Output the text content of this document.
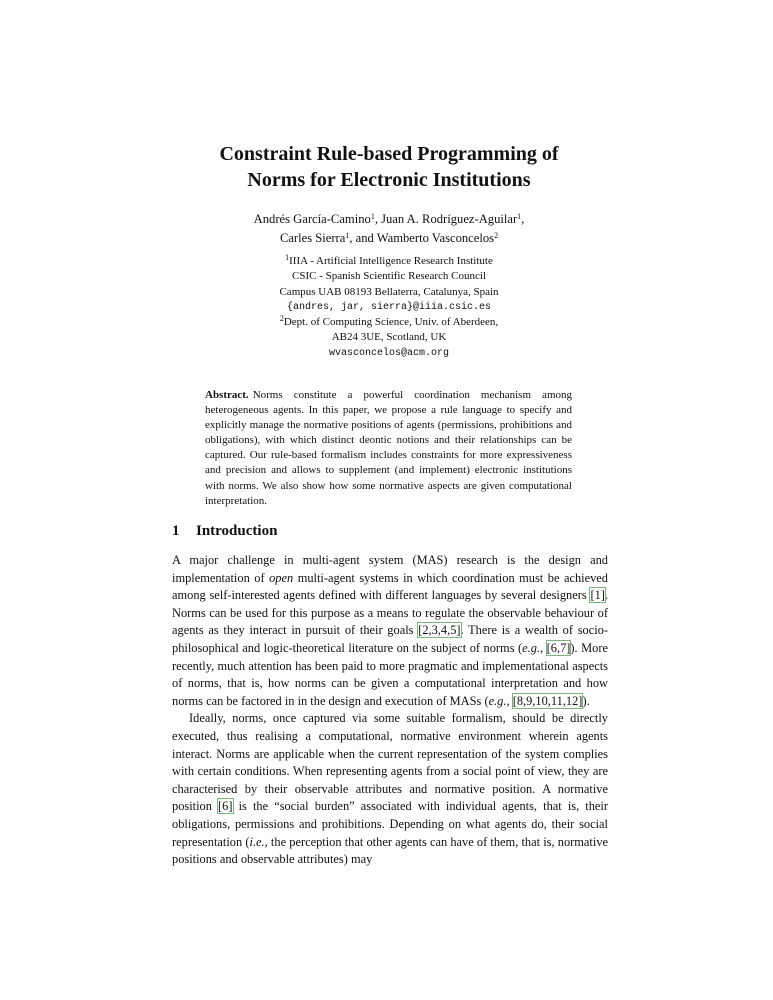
Constraint Rule-based Programming of
Norms for Electronic Institutions
Andrés García-Camino$^1$, Juan A. Rodríguez-Aguilar$^1$,
Carles Sierra$^1$, and Wamberto Vasconcelos$^2$
$^1$IIIA - Artificial Intelligence Research Institute
CSIC - Spanish Scientific Research Council
Campus UAB 08193 Bellaterra, Catalunya, Spain
{andres, jar, sierra}@iiia.csic.es
$^2$Dept. of Computing Science, Univ. of Aberdeen,
AB24 3UE, Scotland, UK
wvasconcelos@acm.org
Abstract. Norms constitute a powerful coordination mechanism among heterogeneous agents. In this paper, we propose a rule language to specify and explicitly manage the normative positions of agents (permissions, prohibitions and obligations), with which distinct deontic notions and their relationships can be captured. Our rule-based formalism includes constraints for more expressiveness and precision and allows to supplement (and implement) electronic institutions with norms. We also show how some normative aspects are given computational interpretation.
1 Introduction

A major challenge in multi-agent system (MAS) research is the design and implementation of open multi-agent systems in which coordination must be achieved among self-interested agents defined with different languages by several designers [1]. Norms can be used for this purpose as a means to regulate the observable behaviour of agents as they interact in pursuit of their goals [2,3,4,5]. There is a wealth of socio-philosophical and logic-theoretical literature on the subject of norms (e.g., [6,7]). More recently, much attention has been paid to more pragmatic and implementational aspects of norms, that is, how norms can be given a computational interpretation and how norms can be factored in in the design and execution of MASs (e.g., [8,9,10,11,12]).

Ideally, norms, once captured via some suitable formalism, should be directly executed, thus realising a computational, normative environment wherein agents interact. Norms are applicable when the current representation of the system complies with certain conditions. When representing agents from a social point of view, they are characterised by their observable attributes and normative position. A normative position [6] is the “social burden” associated with individual agents, that is, their obligations, permissions and prohibitions. Depending on what agents do, their social representation (i.e., the perception that other agents can have of them, that is, normative positions and observable attributes) may
